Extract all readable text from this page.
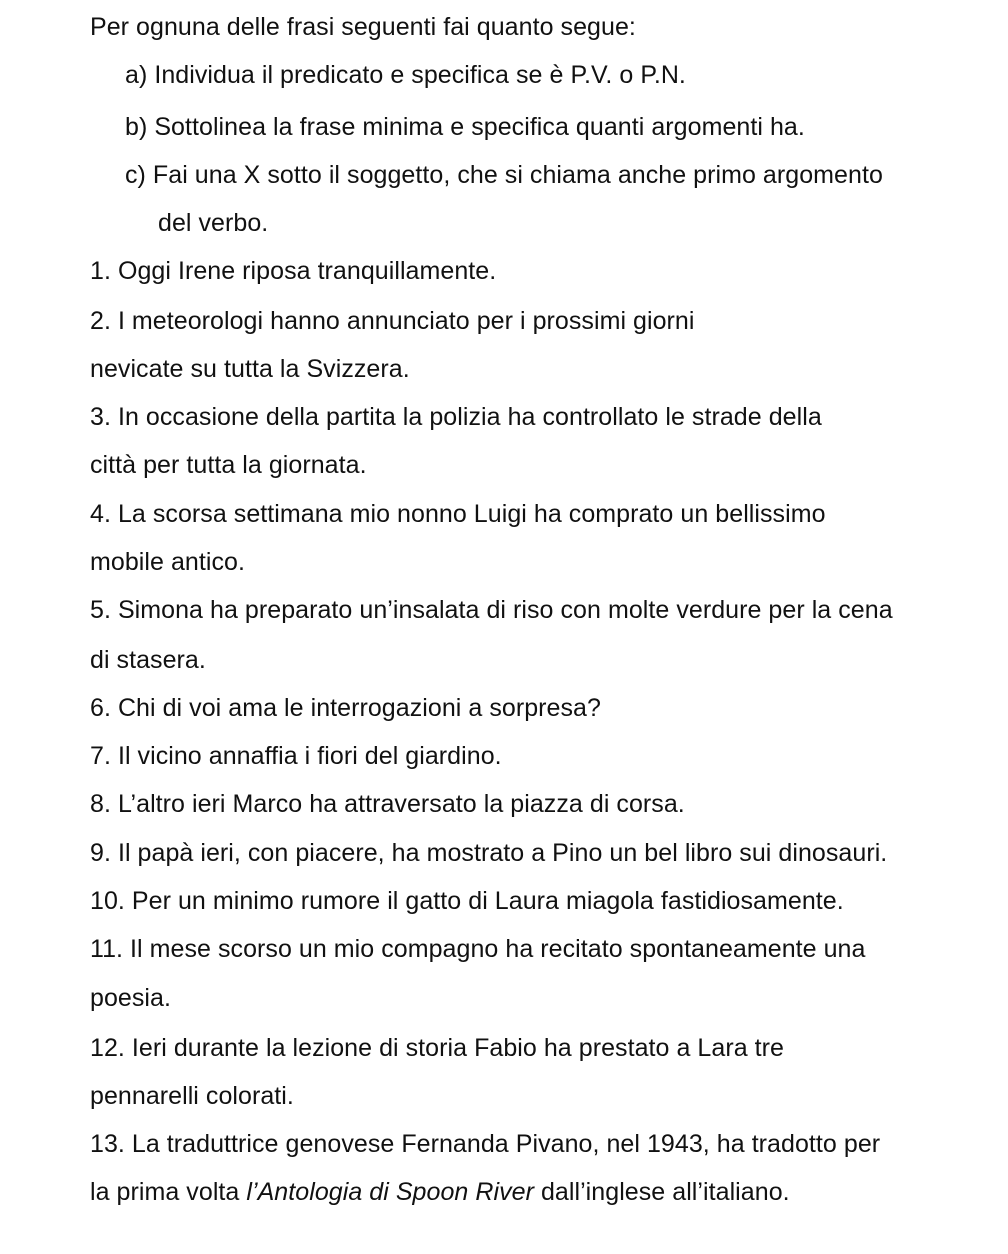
Per ognuna delle frasi seguenti fai quanto segue:
a) Individua il predicato e specifica se è P.V. o P.N.
b) Sottolinea la frase minima e specifica quanti argomenti ha.
c) Fai una X sotto il soggetto, che si chiama anche primo argomento
del verbo.
1. Oggi Irene riposa tranquillamente.
2. I meteorologi hanno annunciato per i prossimi giorni
nevicate su tutta la Svizzera.
3. In occasione della partita la polizia ha controllato le strade della
città per tutta la giornata.
4. La scorsa settimana mio nonno Luigi ha comprato un bellissimo
mobile antico.
5. Simona ha preparato un’insalata di riso con molte verdure per la cena
di stasera.
6. Chi di voi ama le interrogazioni a sorpresa?
7. Il vicino annaffia i fiori del giardino.
8. L’altro ieri Marco ha attraversato la piazza di corsa.
9. Il papà ieri, con piacere, ha mostrato a Pino un bel libro sui dinosauri.
10. Per un minimo rumore il gatto di Laura miagola fastidiosamente.
11. Il mese scorso un mio compagno ha recitato spontaneamente una
poesia.
12. Ieri durante la lezione di storia Fabio ha prestato a Lara tre
pennarelli colorati.
13. La traduttrice genovese Fernanda Pivano, nel 1943, ha tradotto per
la prima volta l’Antologia di Spoon River dall’inglese all’italiano.
